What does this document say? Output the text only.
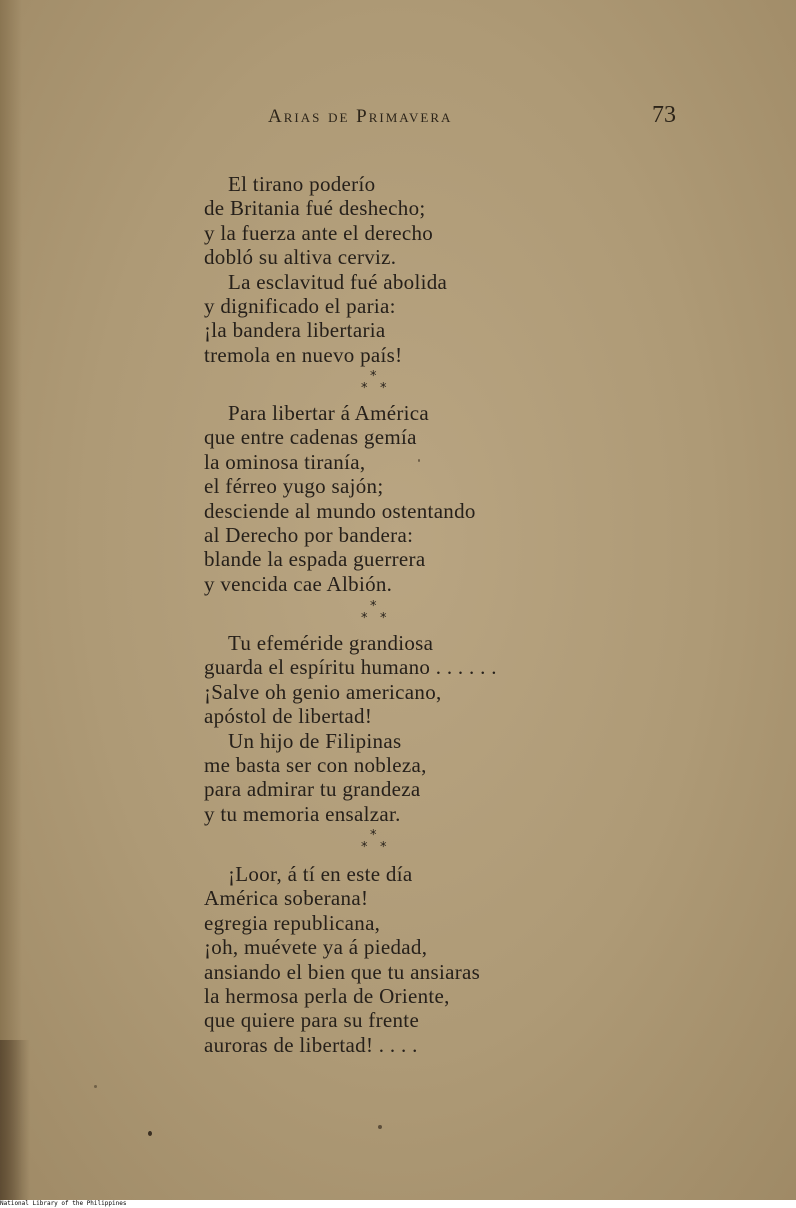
Arias de Primavera	73
El tirano poderío
de Britania fué deshecho;
y la fuerza ante el derecho
dobló su altiva cerviz.
La esclavitud fué abolida
y dignificado el paria:
¡la bandera libertaria
tremola en nuevo país!
*
* *
Para libertar á América
que entre cadenas gemía
la ominosa tiranía,
el férreo yugo sajón;
desciende al mundo ostentando
al Derecho por bandera:
blande la espada guerrera
y vencida cae Albión.
*
* *
Tu efeméride grandiosa
guarda el espíritu humano . . . . . .
¡Salve oh genio americano,
apóstol de libertad!
Un hijo de Filipinas
me basta ser con nobleza,
para admirar tu grandeza
y tu memoria ensalzar.
*
* *
¡Loor, á tí en este día
América soberana!
egregia republicana,
¡oh, muévete ya á piedad,
ansiando el bien que tu ansiaras
la hermosa perla de Oriente,
que quiere para su frente
auroras de libertad! . . . .
National Library of the Philippines
